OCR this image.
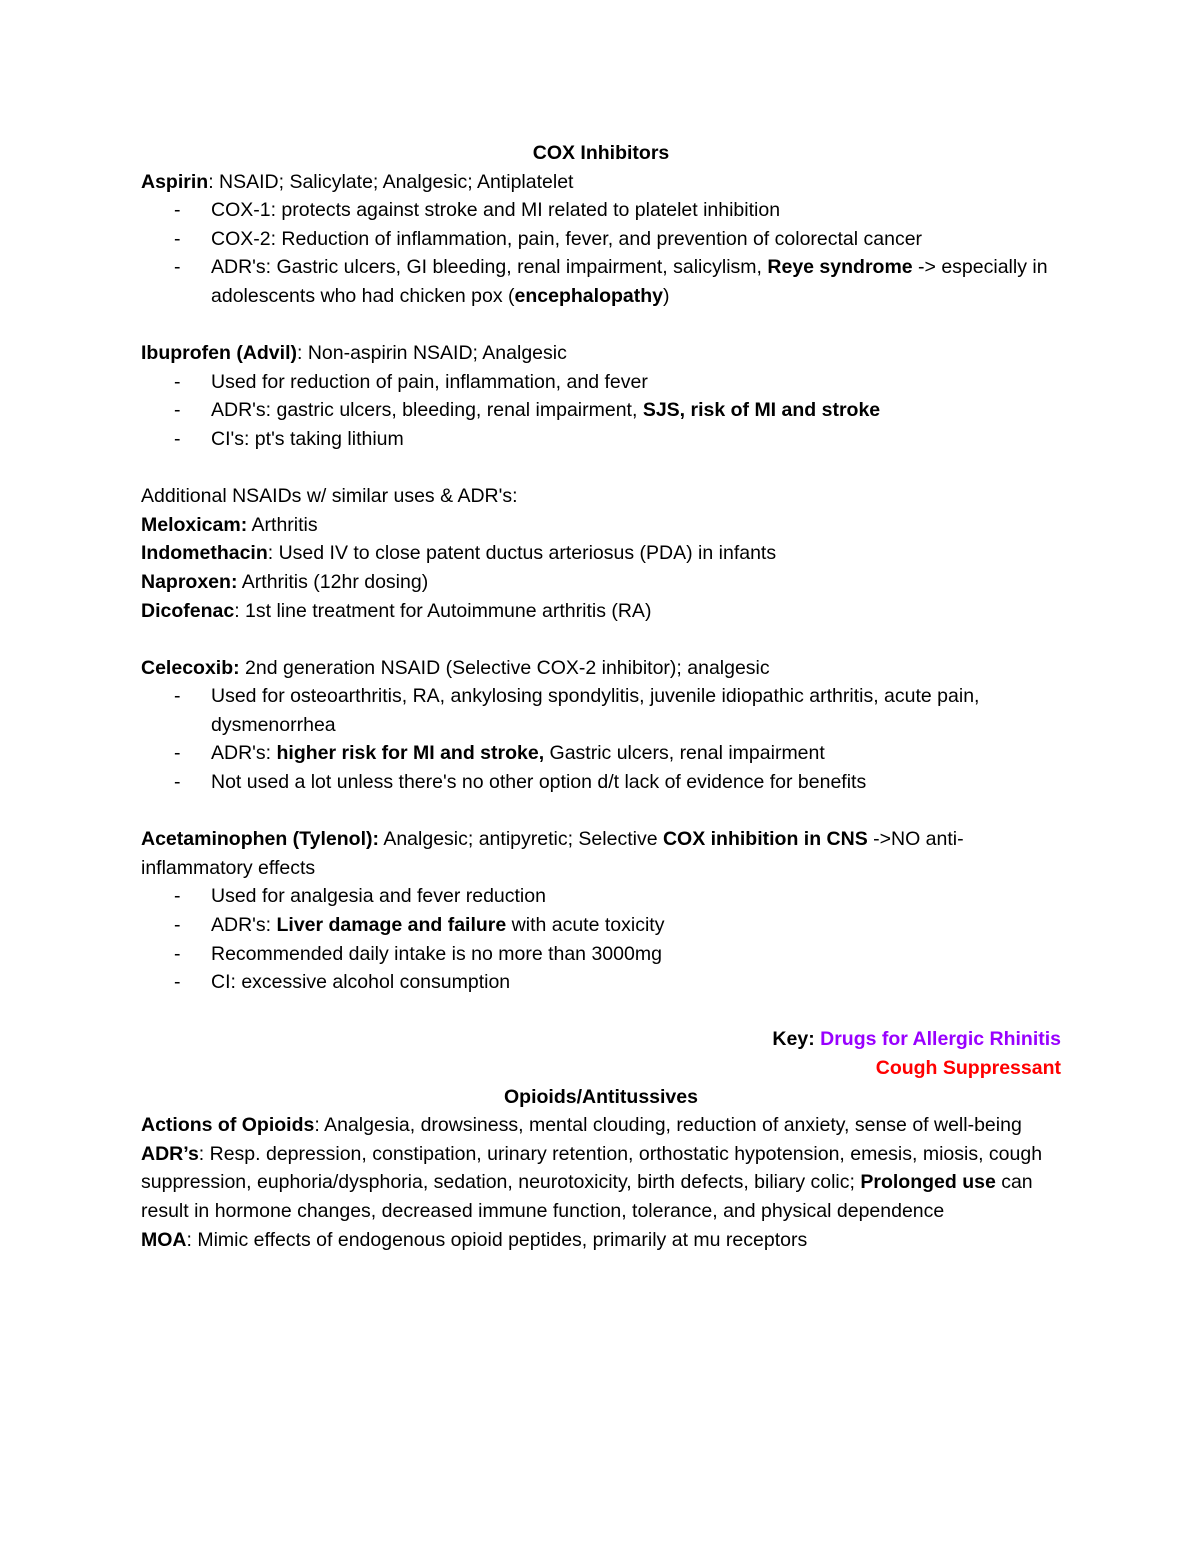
COX Inhibitors
Aspirin: NSAID; Salicylate; Analgesic; Antiplatelet
- COX-1: protects against stroke and MI related to platelet inhibition
- COX-2: Reduction of inflammation, pain, fever, and prevention of colorectal cancer
- ADR's: Gastric ulcers, GI bleeding, renal impairment, salicylism, Reye syndrome -> especially in adolescents who had chicken pox (encephalopathy)
Ibuprofen (Advil): Non-aspirin NSAID; Analgesic
- Used for reduction of pain, inflammation, and fever
- ADR's: gastric ulcers, bleeding, renal impairment, SJS, risk of MI and stroke
- CI's: pt's taking lithium
Additional NSAIDs w/ similar uses & ADR's:
Meloxicam: Arthritis
Indomethacin: Used IV to close patent ductus arteriosus (PDA) in infants
Naproxen: Arthritis (12hr dosing)
Dicofenac: 1st line treatment for Autoimmune arthritis (RA)
Celecoxib: 2nd generation NSAID (Selective COX-2 inhibitor); analgesic
- Used for osteoarthritis, RA, ankylosing spondylitis, juvenile idiopathic arthritis, acute pain, dysmenorrhea
- ADR's: higher risk for MI and stroke, Gastric ulcers, renal impairment
- Not used a lot unless there's no other option d/t lack of evidence for benefits
Acetaminophen (Tylenol): Analgesic; antipyretic; Selective COX inhibition in CNS ->NO anti-inflammatory effects
- Used for analgesia and fever reduction
- ADR's: Liver damage and failure with acute toxicity
- Recommended daily intake is no more than 3000mg
- CI: excessive alcohol consumption
Key: Drugs for Allergic Rhinitis
Cough Suppressant
Opioids/Antitussives
Actions of Opioids: Analgesia, drowsiness, mental clouding, reduction of anxiety, sense of well-being
ADR’s: Resp. depression, constipation, urinary retention, orthostatic hypotension, emesis, miosis, cough suppression, euphoria/dysphoria, sedation, neurotoxicity, birth defects, biliary colic; Prolonged use can result in hormone changes, decreased immune function, tolerance, and physical dependence
MOA: Mimic effects of endogenous opioid peptides, primarily at mu receptors
